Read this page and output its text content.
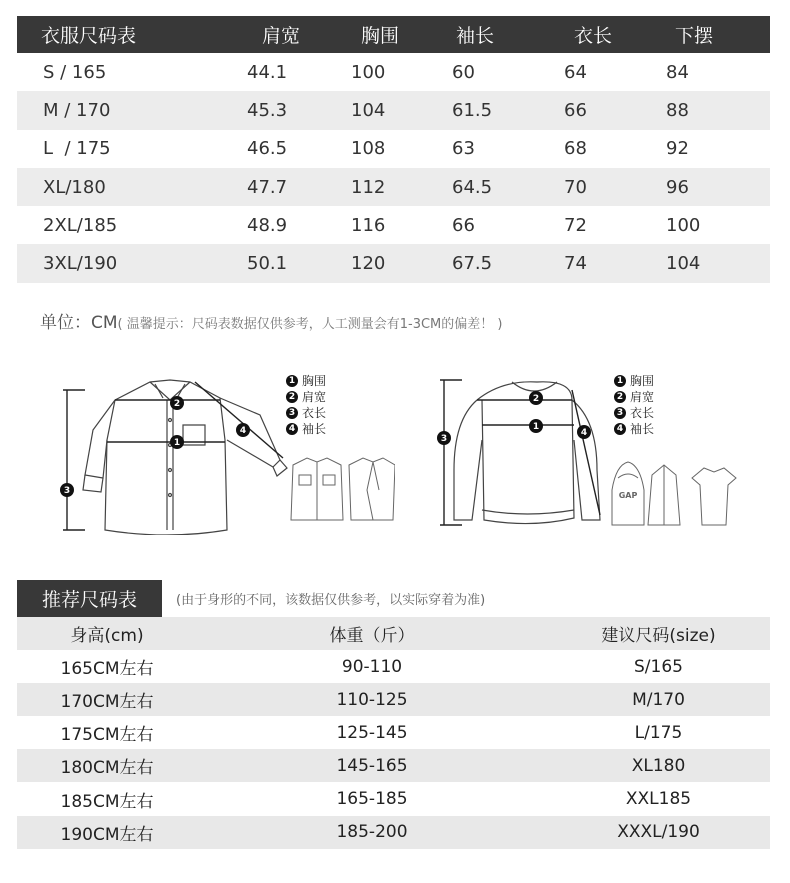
衣服尺码表	肩宽	胸围	袖长	衣长	下摆
S / 165	44.1	100	60	64	84
M / 170	45.3	104	61.5	66	88
L  / 175	46.5	108	63	68	92
XL/180	47.7	112	64.5	70	96
2XL/185	48.9	116	66	72	100
3XL/190	50.1	120	67.5	74	104
单位：CM( 温馨提示：尺码表数据仅供参考，人工测量会有1-3CM的偏差！ )
1
2
3
4
1 胸围
2 肩宽
3 衣长
4 袖长	1
2
3
4
GAP
1 胸围
2 肩宽
3 衣长
4 袖长
推荐尺码表	(由于身形的不同，该数据仅供参考，以实际穿着为准)
身高(cm)	体重（斤）	建议尺码(size)
165CM左右	90-110	S/165
170CM左右	110-125	M/170
175CM左右	125-145	L/175
180CM左右	145-165	XL180
185CM左右	165-185	XXL185
190CM左右	185-200	XXXL/190
